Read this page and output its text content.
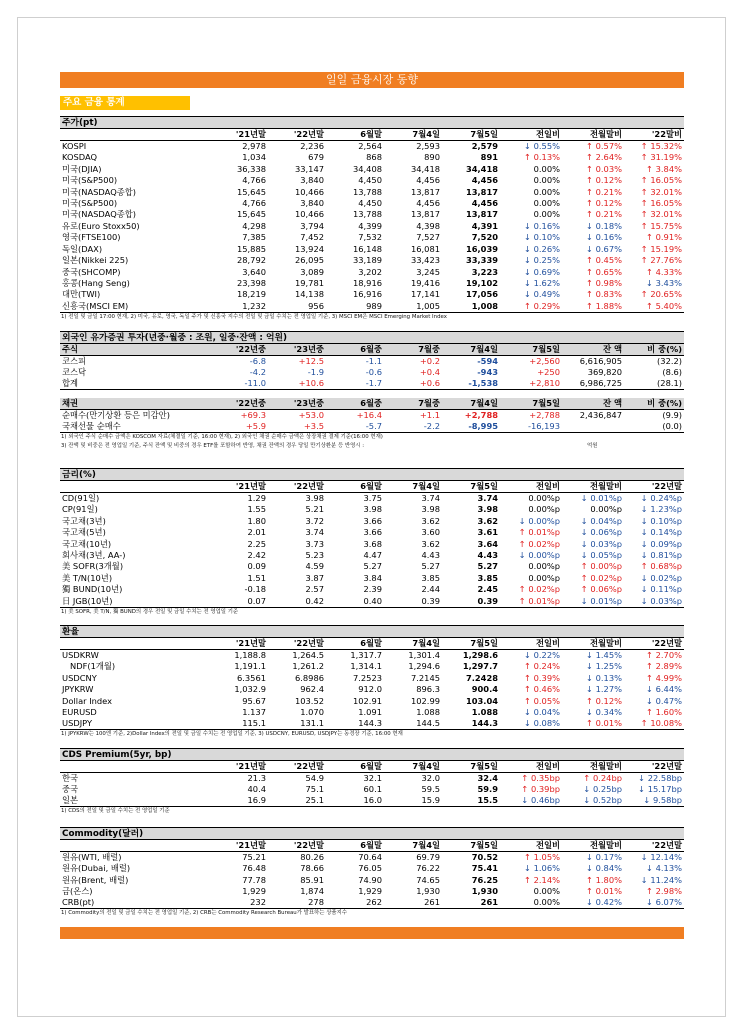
일일 금융시장 동향
주요 금융 통계
주가(pt)
	'21년말	'22년말	6월말	7월4일	7월5일	전일비	전월말비	'22말비
KOSPI	2,978	2,236	2,564	2,593	2,579	↓ 0.55%	↑ 0.57%	↑ 15.32%
KOSDAQ	1,034	679	868	890	891	↑ 0.13%	↑ 2.64%	↑ 31.19%
미국(DJIA)	36,338	33,147	34,408	34,418	34,418	0.00%	↑ 0.03%	↑ 3.84%
미국(S&P500)	4,766	3,840	4,450	4,456	4,456	0.00%	↑ 0.12%	↑ 16.05%
미국(NASDAQ종합)	15,645	10,466	13,788	13,817	13,817	0.00%	↑ 0.21%	↑ 32.01%
미국(S&P500)	4,766	3,840	4,450	4,456	4,456	0.00%	↑ 0.12%	↑ 16.05%
미국(NASDAQ종합)	15,645	10,466	13,788	13,817	13,817	0.00%	↑ 0.21%	↑ 32.01%
유로(Euro Stoxx50)	4,298	3,794	4,399	4,398	4,391	↓ 0.16%	↓ 0.18%	↑ 15.75%
영국(FTSE100)	7,385	7,452	7,532	7,527	7,520	↓ 0.10%	↓ 0.16%	↑ 0.91%
독일(DAX)	15,885	13,924	16,148	16,081	16,039	↓ 0.26%	↓ 0.67%	↑ 15.19%
일본(Nikkei 225)	28,792	26,095	33,189	33,423	33,339	↓ 0.25%	↑ 0.45%	↑ 27.76%
중국(SHCOMP)	3,640	3,089	3,202	3,245	3,223	↓ 0.69%	↑ 0.65%	↑ 4.33%
홍콩(Hang Seng)	23,398	19,781	18,916	19,416	19,102	↓ 1.62%	↑ 0.98%	↓ 3.43%
대만(TWI)	18,219	14,138	16,916	17,141	17,056	↓ 0.49%	↑ 0.83%	↑ 20.65%
신흥국(MSCI EM)	1,232	956	989	1,005	1,008	↑ 0.29%	↑ 1.88%	↑ 5.40%
1) 전일 및 금일 17:00 현재, 2) 미국, 유로, 영국, 독일 주가 및 신흥국 지수의 전일 및 금일 수치는 전 영업일 기준, 3) MSCI EM은 MSCI Emerging Market Index
외국인 유가증권 투자(년중·월중 : 조원, 일중·잔액 : 억원)
주식	'22년중	'23년중	6월중	7월중	7월4일	7월5일	잔 액	비 중(%)
코스피	-6.8	+12.5	-1.1	+0.2	-594	+2,560	6,616,905	(32.2)
코스닥	-4.2	-1.9	-0.6	+0.4	-943	+250	369,820	(8.6)
합계	-11.0	+10.6	-1.7	+0.6	-1,538	+2,810	6,986,725	(28.1)
채권	'22년중	'23년중	6월중	7월중	7월4일	7월5일	잔 액	비 중(%)
순매수(만기상환 등은 미감안)	+69.3	+53.0	+16.4	+1.1	+2,788	+2,788	2,436,847	(9.9)
국채선물 순매수	+5.9	+3.5	-5.7	-2.2	-8,995	-16,193		(0.0)
1) 외국인 주식 순매수 금액은 KOSCOM 자료(체결일 기준, 16:00 현재), 2) 외국인 채권 순매수 금액은 상장채권 결제 기준(16:00 현재)
3) 잔액 및 비중은 전 영업일 기준, 주식 잔액 및 비중의 경우 ETF를 포함하여 반영, 채권 잔액의 경우 당일 만기상환분 등 반영시 :	억원
금리(%)
	'21년말	'22년말	6월말	7월4일	7월5일	전일비	전월말비	'22년말
CD(91일)	1.29	3.98	3.75	3.74	3.74	0.00%p	↓ 0.01%p	↓ 0.24%p
CP(91일)	1.55	5.21	3.98	3.98	3.98	0.00%p	0.00%p	↓ 1.23%p
국고채(3년)	1.80	3.72	3.66	3.62	3.62	↓ 0.00%p	↓ 0.04%p	↓ 0.10%p
국고채(5년)	2.01	3.74	3.66	3.60	3.61	↑ 0.01%p	↓ 0.06%p	↓ 0.14%p
국고채(10년)	2.25	3.73	3.68	3.62	3.64	↑ 0.02%p	↓ 0.03%p	↓ 0.09%p
회사채(3년, AA-)	2.42	5.23	4.47	4.43	4.43	↓ 0.00%p	↓ 0.05%p	↓ 0.81%p
美 SOFR(3개월)	0.09	4.59	5.27	5.27	5.27	0.00%p	↑ 0.00%p	↑ 0.68%p
美 T/N(10년)	1.51	3.87	3.84	3.85	3.85	0.00%p	↑ 0.02%p	↓ 0.02%p
獨 BUND(10년)	-0.18	2.57	2.39	2.44	2.45	↑ 0.02%p	↑ 0.06%p	↓ 0.11%p
日 JGB(10년)	0.07	0.42	0.40	0.39	0.39	↑ 0.01%p	↓ 0.01%p	↓ 0.03%p
1) 美 SOFR, 美 T/N, 獨 BUND의 경우 전일 및 금일 수치는 전 영업일 기준
환율
	'21년말	'22년말	6월말	7월4일	7월5일	전일비	전월말비	'22년말
USDKRW	1,188.8	1,264.5	1,317.7	1,301.4	1,298.6	↓ 0.22%	↓ 1.45%	↑ 2.70%
NDF(1개월)	1,191.1	1,261.2	1,314.1	1,294.6	1,297.7	↑ 0.24%	↓ 1.25%	↑ 2.89%
USDCNY	6.3561	6.8986	7.2523	7.2145	7.2428	↑ 0.39%	↓ 0.13%	↑ 4.99%
JPYKRW	1,032.9	962.4	912.0	896.3	900.4	↑ 0.46%	↓ 1.27%	↓ 6.44%
Dollar Index	95.67	103.52	102.91	102.99	103.04	↑ 0.05%	↑ 0.12%	↓ 0.47%
EURUSD	1.137	1.070	1.091	1.088	1.088	↓ 0.04%	↓ 0.34%	↑ 1.60%
USDJPY	115.1	131.1	144.3	144.5	144.3	↓ 0.08%	↑ 0.01%	↑ 10.08%
1) JPYKRW는 100엔 기준, 2)Dollar Index의 전일 및 금일 수치는 전 영업일 기준, 3) USDCNY, EURUSD, USDJPY는 동경장 기준, 16:00 현재
CDS Premium(5yr, bp)
	'21년말	'22년말	6월말	7월4일	7월5일	전일비	전월말비	'22년말
한국	21.3	54.9	32.1	32.0	32.4	↑ 0.35bp	↑ 0.24bp	↓ 22.58bp
중국	40.4	75.1	60.1	59.5	59.9	↑ 0.39bp	↓ 0.25bp	↓ 15.17bp
일본	16.9	25.1	16.0	15.9	15.5	↓ 0.46bp	↓ 0.52bp	↓ 9.58bp
1) CDS의 전일 및 금일 수치는 전 영업일 기준
Commodity(달러)
	'21년말	'22년말	6월말	7월4일	7월5일	전일비	전월말비	'22년말
원유(WTI, 배럴)	75.21	80.26	70.64	69.79	70.52	↑ 1.05%	↓ 0.17%	↓ 12.14%
원유(Dubai, 배럴)	76.48	78.66	76.05	76.22	75.41	↓ 1.06%	↓ 0.84%	↓ 4.13%
원유(Brent, 배럴)	77.78	85.91	74.90	74.65	76.25	↑ 2.14%	↑ 1.80%	↓ 11.24%
금(온스)	1,929	1,874	1,929	1,930	1,930	0.00%	↑ 0.01%	↑ 2.98%
CRB(pt)	232	278	262	261	261	0.00%	↓ 0.42%	↓ 6.07%
1) Commodity의 전일 및 금일 수치는 전 영업일 기준, 2) CRB는 Commodity Research Bureau가 발표하는 상품지수
